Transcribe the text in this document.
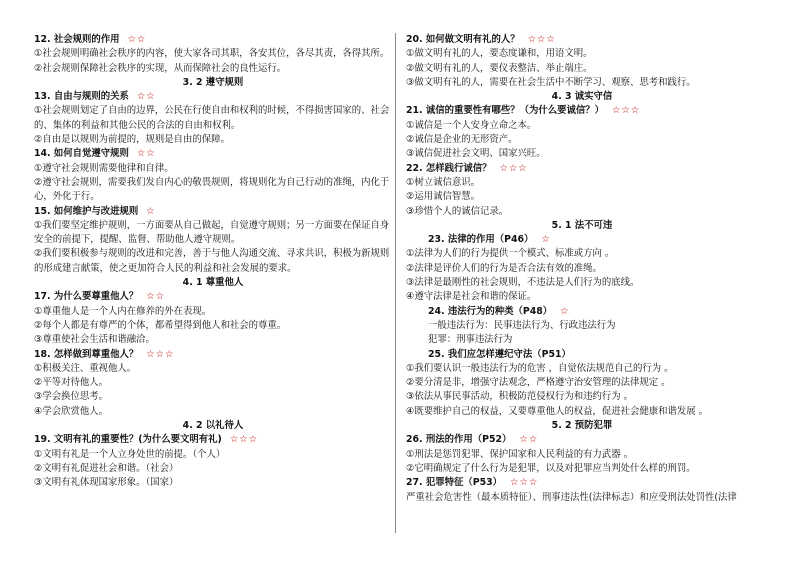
12. 社会规则的作用 ☆☆
①社会规则明确社会秩序的内容，使大家各司其职，各安其位，各尽其责，各得其所。
②社会规则保障社会秩序的实现，从而保障社会的良性运行。
3. 2 遵守规则
13. 自由与规则的关系 ☆☆
①社会规则划定了自由的边界，公民在行使自由和权利的时候，不得损害国家的、社会的、集体的利益和其他公民的合法的自由和权利。
②自由是以规则为前提的，规则是自由的保障。
14. 如何自觉遵守规则 ☆☆
①遵守社会规则需要他律和自律。
②遵守社会规则，需要我们发自内心的敬畏规则，将规则化为自己行动的准绳，内化于心，外化于行。
15. 如何维护与改进规则 ☆
①我们要坚定维护规则，一方面要从自己做起，自觉遵守规则；另一方面要在保证自身安全的前提下，提醒、监督、帮助他人遵守规则。
②我们要积极参与规则的改进和完善，善于与他人沟通交流、寻求共识，积极为新规则的形成建言献策，使之更加符合人民的利益和社会发展的要求。
4. 1 尊重他人
17. 为什么要尊重他人？ ☆☆
①尊重他人是一个人内在修养的外在表现。
②每个人都是有尊严的个体，都希望得到他人和社会的尊重。
③尊重使社会生活和谐融洽。
18. 怎样做到尊重他人？ ☆☆☆
①积极关注、重视他人。
②平等对待他人。
③学会换位思考。
④学会欣赏他人。
4. 2 以礼待人
19. 文明有礼的重要性？(为什么要文明有礼) ☆☆☆
①文明有礼是一个人立身处世的前提。（个人）
②文明有礼促进社会和谐。（社会）
③文明有礼体现国家形象。（国家）
20. 如何做文明有礼的人？ ☆☆☆
①做文明有礼的人，要态度谦和，用语文明。
②做文明有礼的人，要仪表整洁、举止端庄。
③做文明有礼的人，需要在社会生活中不断学习、观察、思考和践行。
4. 3 诚实守信
21. 诚信的重要性有哪些？（为什么要诚信？） ☆☆☆
①诚信是一个人安身立命之本。
②诚信是企业的无形资产。
③诚信促进社会文明、国家兴旺。
22. 怎样践行诚信？ ☆☆☆
①树立诚信意识。
②运用诚信智慧。
③珍惜个人的诚信记录。
5. 1 法不可违
23. 法律的作用（P46） ☆
①法律为人们的行为提供一个模式、标准或方向 。
②法律是评价人们的行为是否合法有效的准绳。
③法律是最刚性的社会规则，不违法是人们行为的底线。
④遵守法律是社会和谐的保证。
24. 违法行为的种类（P48） ☆
一般违法行为：民事违法行为、行政违法行为
犯罪：刑事违法行为
25. 我们应怎样遵纪守法（P51）
①我们要认识一般违法行为的危害 ，自觉依法规范自己的行为 。
②要分清是非，增强守法观念，严格遵守治安管理的法律规定 。
③依法从事民事活动，积极防范侵权行为和违约行为 。
④既要维护自己的权益，又要尊重他人的权益，促进社会健康和谐发展 。
5. 2 预防犯罪
26. 刑法的作用（P52） ☆☆
①刑法是惩罚犯罪、保护国家和人民利益的有力武器 。
②它明确规定了什么行为是犯罪，以及对犯罪应当判处什么样的刑罚。
27. 犯罪特征（P53） ☆☆☆
严重社会危害性（最本质特征）、刑事违法性(法律标志）和应受刑法处罚性(法律
